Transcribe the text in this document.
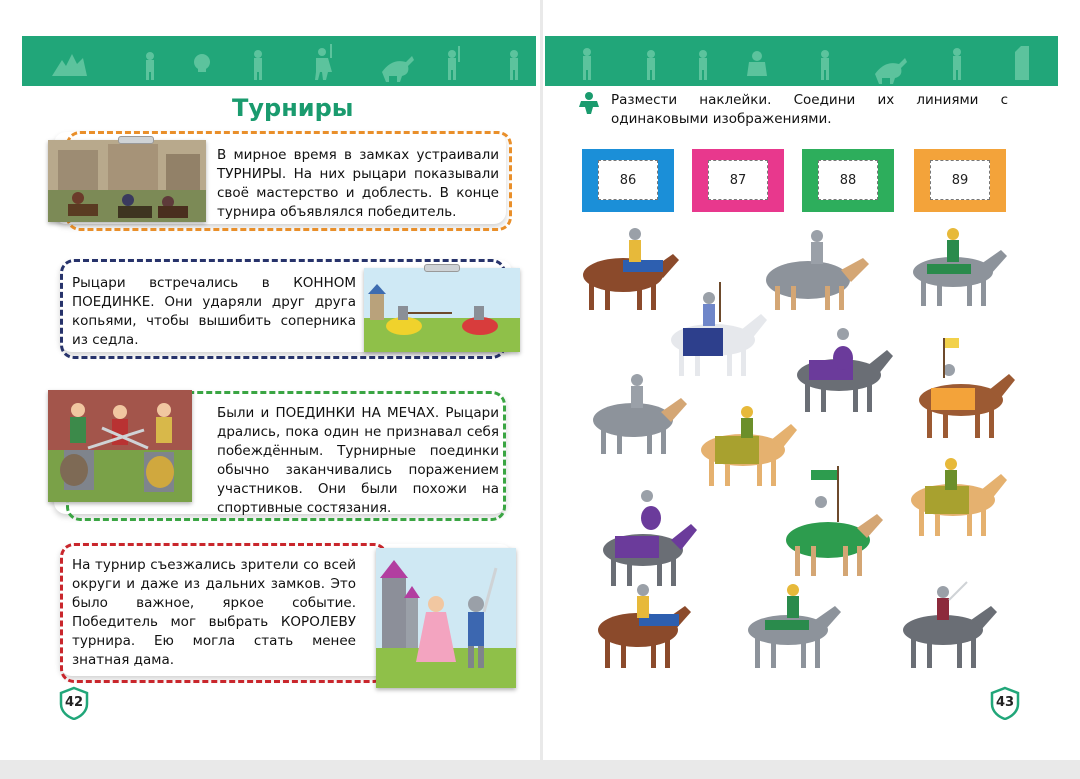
Турниры
В мирное время в замках устраивали ТУРНИРЫ. На них рыцари показывали своё мастерство и доблесть. В конце турнира объявлялся победитель.
Рыцари встречались в КОННОМ ПОЕДИНКЕ. Они ударяли друг друга копьями, чтобы вышибить соперника из седла.
Были и ПОЕДИНКИ НА МЕЧАХ. Рыцари дрались, пока один не признавал себя побеждённым. Турнирные поединки обычно заканчивались поражением участников. Они были похожи на спортивные состязания.
На турнир съезжались зрители со всей округи и даже из дальних замков. Это было важное, яркое событие. Победитель мог выбрать КОРОЛЕВУ турнира. Ею могла стать менее знатная дама.
42
Размести наклейки. Соедини их линиями с одинаковыми изображениями.
86	87	88	89
43
